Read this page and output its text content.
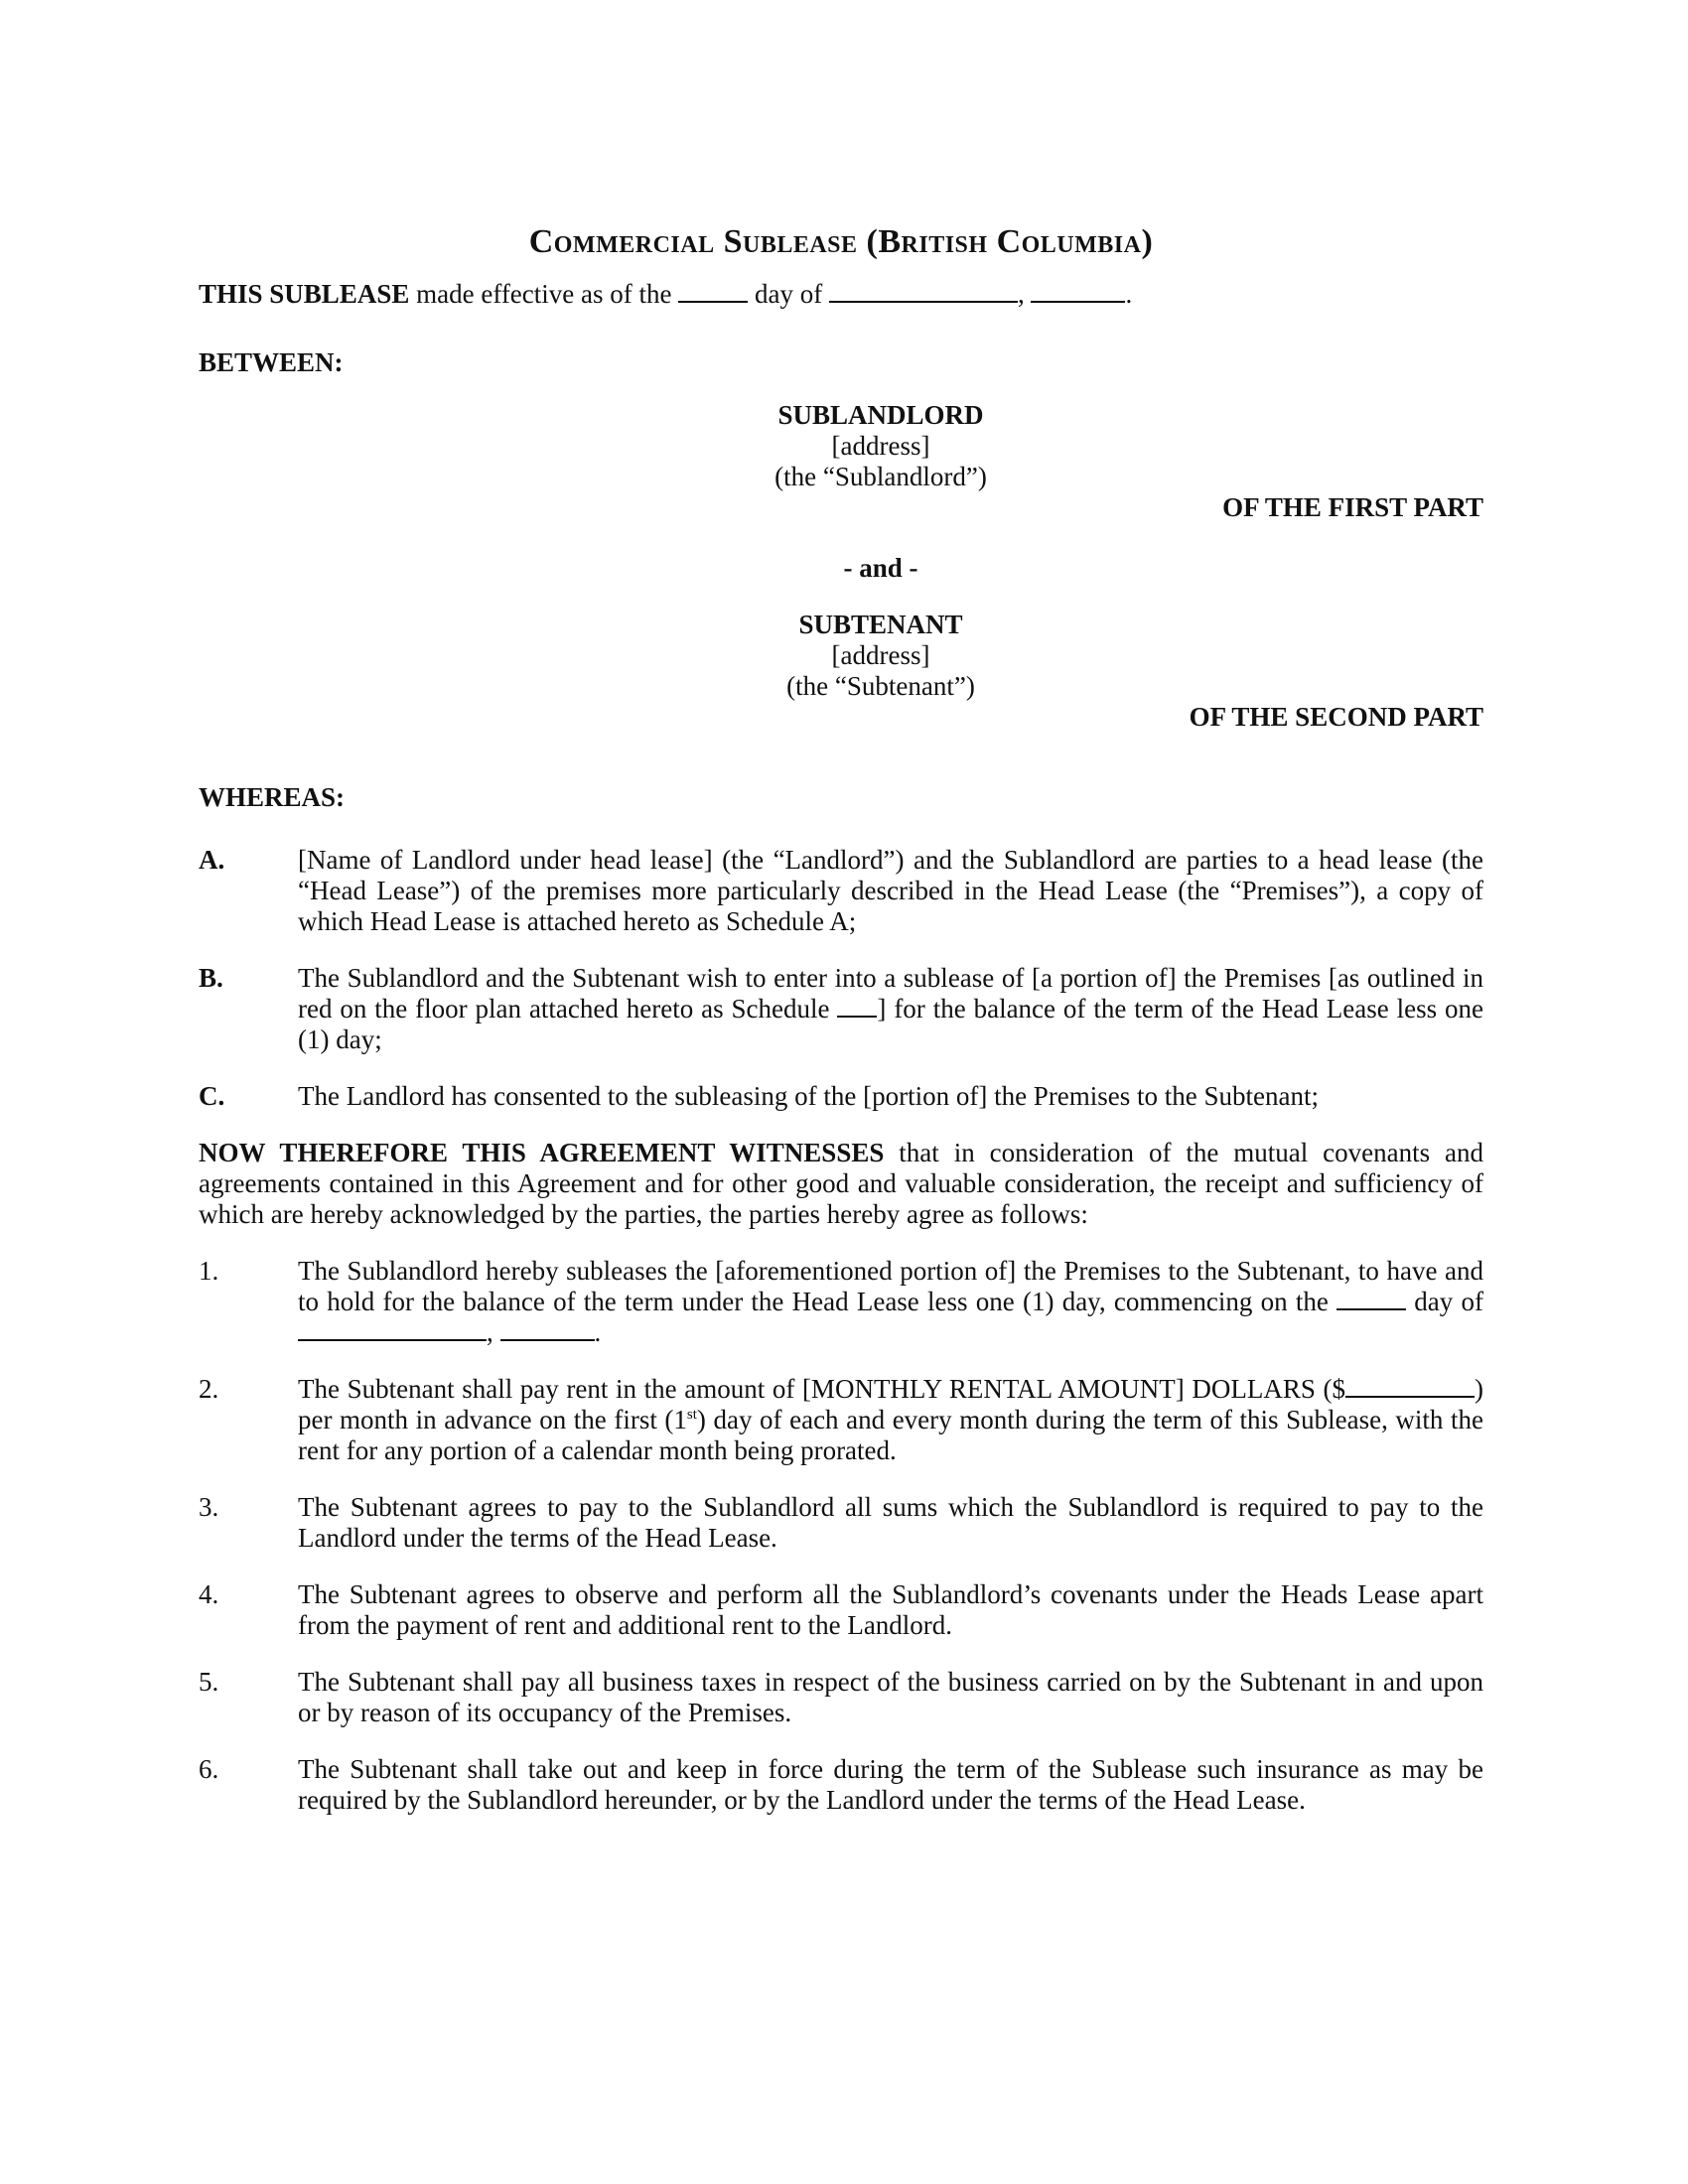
Commercial Sublease (British Columbia)
THIS SUBLEASE made effective as of the	day of	,	.
BETWEEN:
SUBLANDLORD
[address]
(the “Sublandlord”)
OF THE FIRST PART
- and -
SUBTENANT
[address]
(the “Subtenant”)
OF THE SECOND PART
WHEREAS:
A.	[Name of Landlord under head lease] (the “Landlord”) and the Sublandlord are parties to a head lease (the “Head Lease”) of the premises more particularly described in the Head Lease (the “Premises”), a copy of which Head Lease is attached hereto as Schedule A;
B.	The Sublandlord and the Subtenant wish to enter into a sublease of [a portion of] the Premises [as outlined in red on the floor plan attached hereto as Schedule ] for the balance of the term of the Head Lease less one (1) day;
C.	The Landlord has consented to the subleasing of the [portion of] the Premises to the Subtenant;
NOW THEREFORE THIS AGREEMENT WITNESSES that in consideration of the mutual covenants and agreements contained in this Agreement and for other good and valuable consideration, the receipt and sufficiency of which are hereby acknowledged by the parties, the parties hereby agree as follows:
1.	The Sublandlord hereby subleases the [aforementioned portion of] the Premises to the Subtenant, to have and to hold for the balance of the term under the Head Lease less one (1) day, commencing on the	day of ,	.
2.	The Subtenant shall pay rent in the amount of [MONTHLY RENTAL AMOUNT] DOLLARS ($	) per month in advance on the first (1st) day of each and every month during the term of this Sublease, with the rent for any portion of a calendar month being prorated.
3.	The Subtenant agrees to pay to the Sublandlord all sums which the Sublandlord is required to pay to the Landlord under the terms of the Head Lease.
4.	The Subtenant agrees to observe and perform all the Sublandlord’s covenants under the Heads Lease apart from the payment of rent and additional rent to the Landlord.
5.	The Subtenant shall pay all business taxes in respect of the business carried on by the Subtenant in and upon or by reason of its occupancy of the Premises.
6.	The Subtenant shall take out and keep in force during the term of the Sublease such insurance as may be required by the Sublandlord hereunder, or by the Landlord under the terms of the Head Lease.
